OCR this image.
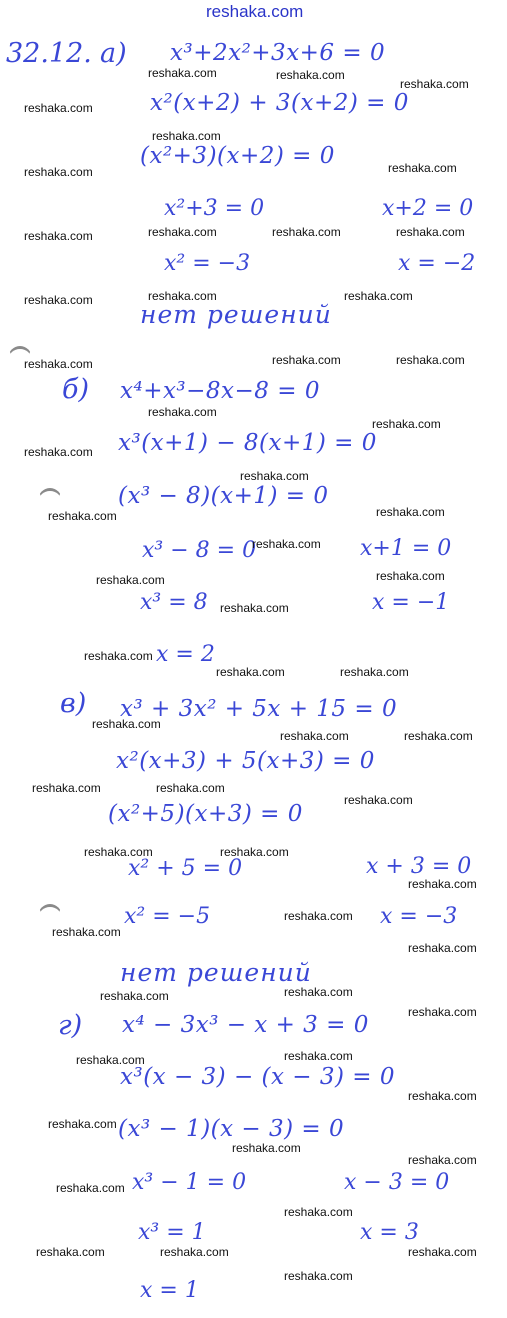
reshaka.com
32.12. а) x³+2x²+3x+6 = 0
x²(x+2) + 3(x+2) = 0
(x²+3)(x+2) = 0
x²+3 = 0	x+2 = 0
x² = −3	x = −2
нет решений
б) x⁴+x³−8x−8 = 0
x³(x+1) − 8(x+1) = 0
(x³ − 8)(x+1) = 0
x³ − 8 = 0	x+1 = 0
x³ = 8	x = −1
x = 2
в) x³ + 3x² + 5x + 15 = 0
x²(x+3) + 5(x+3) = 0
(x²+5)(x+3) = 0
x² + 5 = 0	x + 3 = 0
x² = −5	x = −3
нет решений
г) x⁴ − 3x³ − x + 3 = 0
x³(x − 3) − (x − 3) = 0
(x³ − 1)(x − 3) = 0
x³ − 1 = 0	x − 3 = 0
x³ = 1	x = 3
x = 1
reshaka.com	reshaka.com
reshaka.com
reshaka.com
reshaka.com
reshaka.com	reshaka.com
reshaka.com	reshaka.com	reshaka.com
reshaka.com
reshaka.com	reshaka.com
reshaka.com
reshaka.com	reshaka.com
reshaka.com
reshaka.com
reshaka.com
reshaka.com
reshaka.com
reshaka.com
reshaka.com
reshaka.com
reshaka.com
reshaka.com
reshaka.com
reshaka.com
reshaka.com	reshaka.com
reshaka.com
reshaka.com	reshaka.com
reshaka.com	reshaka.com
reshaka.com
reshaka.com	reshaka.com
reshaka.com
reshaka.com
reshaka.com
reshaka.com
reshaka.com
reshaka.com
reshaka.com
reshaka.com
reshaka.com
reshaka.com
reshaka.com
reshaka.com
reshaka.com
reshaka.com
reshaka.com
reshaka.com	reshaka.com	reshaka.com
reshaka.com
